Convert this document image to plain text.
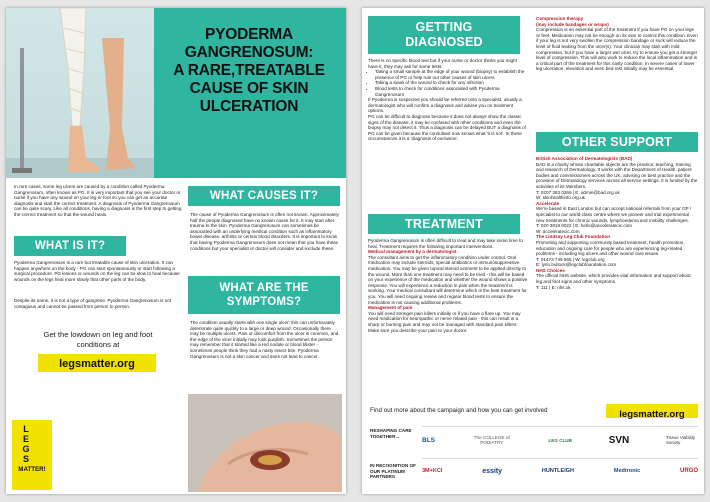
PYODERMA
GANGRENOSUM:
A RARE,TREATABLE
CAUSE OF SKIN
ULCERATION

In rare cases, some leg ulcers are caused by a condition called Pyoderma Gangrenosum, often known as PG. It is very important that you see your doctor or nurse if you have any wound on your leg or foot so you can get an accurate diagnosis and start the correct treatment. A diagnosis of Pyoderma Gangrenosum can be quite scary. Like all conditions, having a diagnosis is the first step to getting the correct treatment so that the wound heals.

WHAT IS IT?

Pyoderma Gangrenosum is a rare but treatable cause of skin ulceration. It can happen anywhere on the body - PG can start spontaneously or start following a surgical procedure. PG lesions or wounds on the leg can be slow to heal because wounds on the legs heal more slowly that other parts of the body.

Despite its name, it is not a type of gangrene. Pyoderma Gangrenosum is not contagious and cannot be passed from person to person.

Get the lowdown on leg and foot conditions at
legsmatter.org
L
E
G
S
MATTER!
WHAT CAUSES IT?

The cause of Pyoderma Gangrenosum is often not known. Approximately half the people diagnosed have no known cause for it. It may start after trauma to the skin. Pyoderma Gangrenosum can sometimes be associated with an underlying medical condition such as inflammatory bowel disease, arthritis or certain blood disorders. It is important to know that having Pyoderma Gangrenosum does not mean that you have these conditions but your specialist or doctor will consider and exclude these.

WHAT ARE THE
SYMPTOMS?

The condition usually starts with one single ulcer; this can unfortunately deteriorate quite quickly to a large or deep wound. Occasionally there may be multiple ulcers. Pain or discomfort from the ulcer is common, and the edge of the ulcer initially may look purplish. Sometimes the person may remember that it started like a red nodule or blood blister - sometimes people think they had a nasty insect bite. Pyoderma Gangrenosum is not a skin cancer and does not lead to cancer.

GETTING
DIAGNOSED

There is no specific blood test but if your nurse or doctor thinks you might have it, they may ask for some tests:

• Taking a small sample at the edge of your wound (biopsy) to establish the presence of PG or help rule out other causes of skin ulcers
• Taking a swab of the wound to check for any infection
• Blood tests to check for conditions associated with Pyoderma Gangrenosum

If Pyoderma is suspected you should be referred onto a specialist, usually a dermatologist who will confirm a diagnosis and advise you on treatment options.

PG can be difficult to diagnose because it does not always show the classic signs of the disease, it may be confused with other conditions and even the biopsy may not detect it. Thus a diagnosis can be delayed BUT a diagnosis of PG can be given because the consultant now knows what 'it is not'. In these circumstances it is a 'diagnosis of exclusion'.

TREATMENT

Pyoderma Gangrenosum is often difficult to treat and may take some time to heal. Treatment requires the following important interventions.

Medical management by a dermatologist

The consultant aims to get the inflammatory condition under control. Oral medication may include steroids, special antibiotics or immunosuppressive medication. You may be given topical steroid ointment to be applied directly to the wound. More than one treatment may need to be tried - this will be based on your experience of the medication and whether the wound shows a positive response. You will experience a reduction in pain when the treatment is working. Your medical consultant will determine which is the best treatment for you. You will need ongoing review and regular blood tests to ensure the medication is not causing additional problems.

Management of pain

You will need stronger pain killers initially or if you have a flare up. You may need medication for neuropathic or nerve related pain - this can result in a sharp or burning pain and may not be managed with standard pain killers. Make sure you describe your pain to your doctor.

Compression therapy

(may include bandages or wraps)

Compression is an essential part of the treatment if you have PG on your legs or feet. Medication may not be enough on its own to control this condition. Even if your leg is not very swollen the compression bandage or sock will reduce the level of fluid leaking from the ulcer(s). Your clinician may start with mild compression, but if you have a larger wet ulcer, try to ensure you get a stronger level of compression. This will also work to reduce the local inflammation and is a critical part of the treatment for this nasty condition. In severe cases of lower leg ulceration, elevation and even bed rest initially may be essential.

OTHER SUPPORT

British Association of Dermatologists (BAD)

BAD is a charity whose charitable objects are the practice, teaching, training and research of Dermatology. It works with the Department of Health, patient bodies and commissioners across the UK, advising on best practice and the provision of Dermatology services across all service settings. It is funded by the activities of its Members.

T: 0207 383 0266 | E: admin@bad.org.uk

W: skinhealthinfo.org.uk

Accelerate

We're based in East London but can accept national referrals from your GP / specialist to our world-class centre where we pioneer and trial experimental new treatments for chronic wounds, lymphoedema and mobility challenges.

T: 020 3819 6022 | E: hello@acceleratecic.com

W: acceleratecic.com

The Lindsay Leg Club Foundation

Promoting and supporting community based treatment, health promotion, education and ongoing care for people who are experiencing leg-related problems - including leg ulcers and other wound care issues.

T: 01473 749 565 | W: legclub.org

E: lynn.bullock@legclubfoundation.com

NHS Choices

The official NHS website, which provides vital information and support about leg and foot signs and other symptoms.

T: 111 | E: nhs.uk

Find out more about the campaign and how you can get involved	legsmatter.org
RESHAPING CARE TOGETHER...
IN RECOGNITION OF OUR PLATINUM PARTNERS
BLS	The COLLEGE of PODIATRY	LEG CLUB	SVN	Tissue Viability Society
3M+KCI	essity	HUNTLEIGH	Medtronic	URGO
